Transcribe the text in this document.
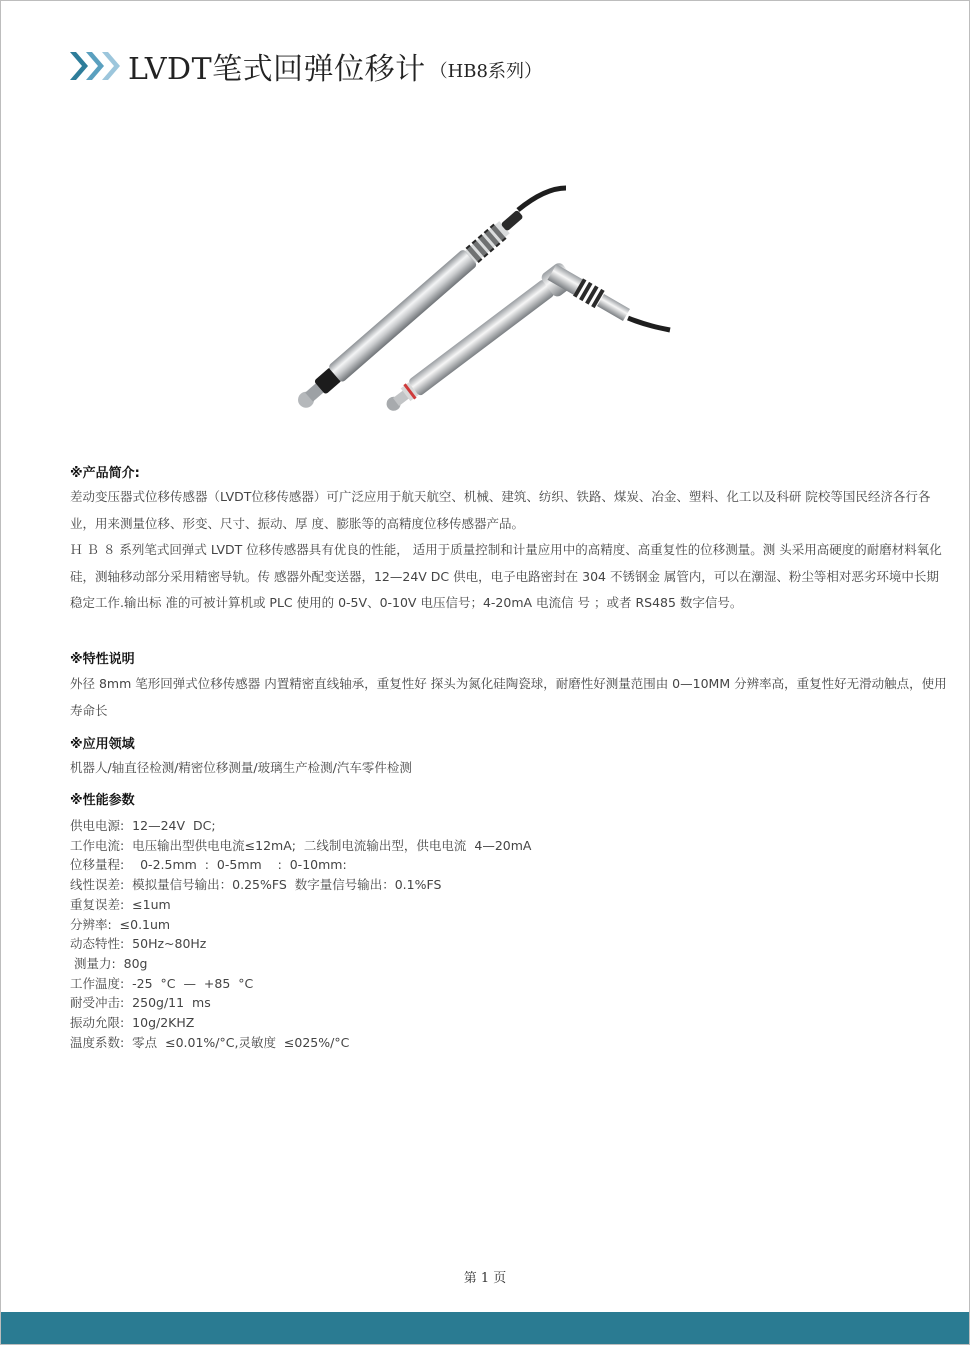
LVDT笔式回弹位移计 （HB8系列）
※产品简介:

差动变压器式位移传感器（LVDT位移传感器）可广泛应用于航天航空、机械、建筑、纺织、铁路、煤炭、冶金、塑料、化工以及科研 院校等国民经济各行各业，用来测量位移、形变、尺寸、振动、厚 度、膨胀等的高精度位移传感器产品。

Ｈ Ｂ ８ 系列笔式回弹式 LVDT 位移传感器具有优良的性能， 适用于质量控制和计量应用中的高精度、高重复性的位移测量。测 头采用高硬度的耐磨材料氧化硅，测轴移动部分采用精密导轨。传 感器外配变送器，12—24V DC 供电，电子电路密封在 304 不锈钢金 属管内，可以在潮湿、粉尘等相对恶劣环境中长期稳定工作.输出标 准的可被计算机或 PLC 使用的 0-5V、0-10V 电压信号；4-20mA 电流信 号 ；或者 RS485 数字信号。

※特性说明
外径 8mm 笔形回弹式位移传感器 内置精密直线轴承，重复性好 探头为氮化硅陶瓷球，耐磨性好测量范围由 0—10MM 分辨率高，重复性好无滑动触点，使用寿命长
※应用领域
机器人/轴直径检测/精密位移测量/玻璃生产检测/汽车零件检测
※性能参数
供电电源:  12—24V  DC;
工作电流:  电压输出型供电电流≤12mA;  二线制电流输出型，供电电流  4—20mA
位移量程:    0-2.5mm  :  0-5mm    :  0-10mm:
线性误差:  模拟量信号输出：0.25%FS  数字量信号输出：0.1%FS
重复误差:  ≤1um
分辨率:  ≤0.1um
动态特性:  50Hz~80Hz
测量力:  80g
工作温度:  -25  °C  —  +85  °C
耐受冲击:  250g/11  ms
振动允限:  10g/2KHZ
温度系数:  零点  ≤0.01%/°C,灵敏度  ≤025%/°C
第 1 页
